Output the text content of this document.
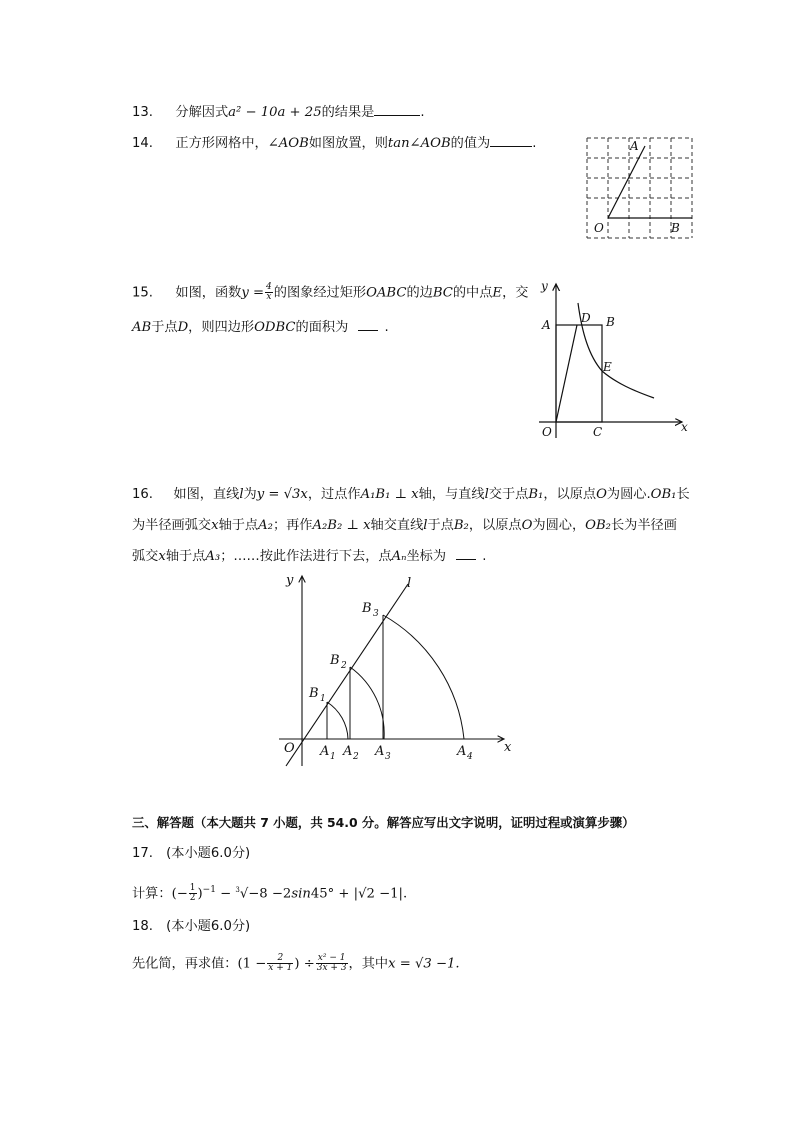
13. 分解因式a² − 10a + 25的结果是	.
14. 正方形网格中，∠AOB如图放置，则tan∠AOB的值为	.	A
O	B
15. 如图，函数$y = \frac{4}{x}$ 的图象经过矩形OABC的边BC的中点E，交
AB于点D，则四边形ODBC的面积为	.
y
x
A	D B
E
O	C
16. 如图，直线l为y = √3x，过点作A₁B₁ ⊥ x轴，与直线l交于点B₁，以原点O为圆心.OB₁长
为半径画弧交x轴于点A₂；再作A₂B₂ ⊥ x轴交直线l于点B₂，以原点O为圆心，OB₂长为半径画
弧交x轴于点A₃；……按此作法进行下去，点Aₙ坐标为	.
y	l
O	x
B 1
B 2
B 3
A 1 A 2 A 3	A 4
三、解答题（本大题共 7 小题，共 54.0 分。解答应写出文字说明，证明过程或演算步骤）
17.　(本小题6.0分)
计算：(− $\frac{1}{2} )^{-1} - ^3√-8 -2\sin 45^\circ + |√2 -1|$.
18.　(本小题6.0分)
先化简，再求值：($1 - \frac{2}{x + 1}$ ) ÷ $\frac{\text{x² − 1}}{3x + 3}$ ，其中x = √3 −1.
